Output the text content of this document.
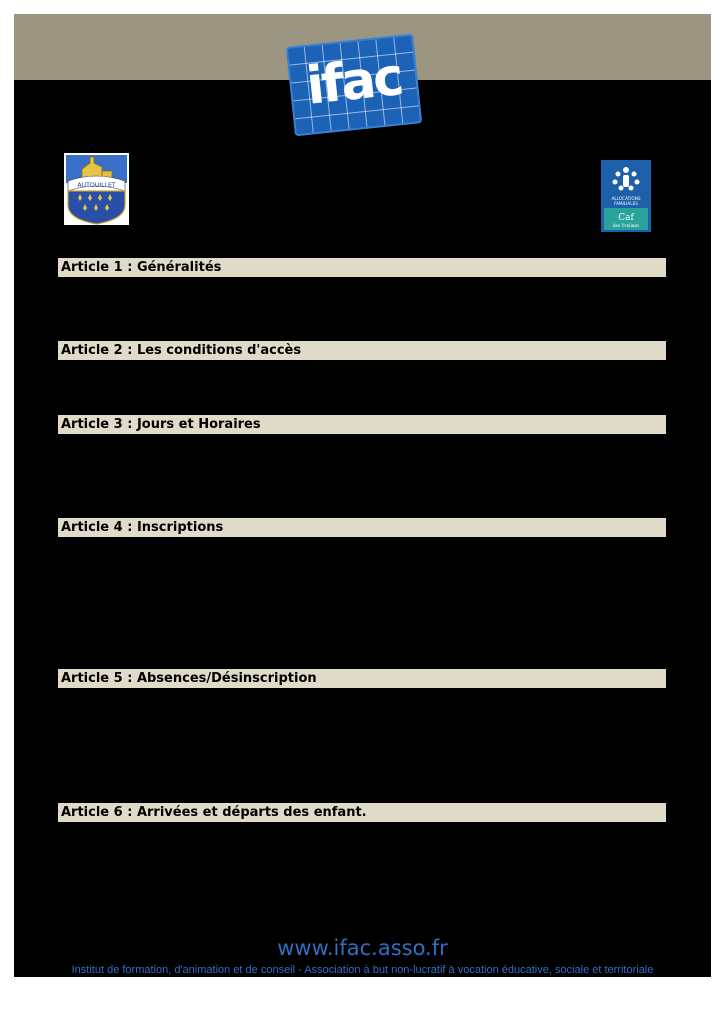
ifac
AUTOUILLET
ALLOCATIONS
FAMILIALES
Caf
des Yvelines
Article 1 : Généralités
Article 2 : Les conditions d'accès
Article 3 : Jours et Horaires
Article 4 : Inscriptions
Article 5 : Absences/Désinscription
Article 6 : Arrivées et départs des enfant.
www.ifac.asso.fr
Institut de formation, d'animation et de conseil - Association à but non-lucratif à vocation éducative, sociale et territoriale
